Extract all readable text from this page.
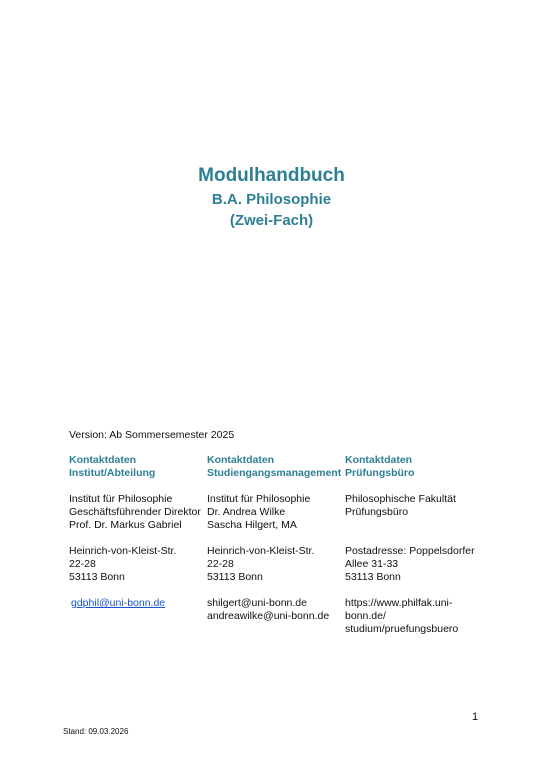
Modulhandbuch
B.A. Philosophie
(Zwei-Fach)
Version: Ab Sommersemester 2025
Kontaktdaten
Institut/Abteilung
Institut für Philosophie
Geschäftsführender Direktor
Prof. Dr. Markus Gabriel
Heinrich-von-Kleist-Str.
22-28
53113 Bonn
gdphil@uni-bonn.de
Kontaktdaten
Studiengangsmanagement
Institut für Philosophie
Dr. Andrea Wilke
Sascha Hilgert, MA
Heinrich-von-Kleist-Str.
22-28
53113 Bonn
shilgert@uni-bonn.de
andreawilke@uni-bonn.de
Kontaktdaten
Prüfungsbüro
Philosophische Fakultät
Prüfungsbüro
Postadresse: Poppelsdorfer
Allee 31-33
53113 Bonn
https://www.philfak.uni-
bonn.de/
studium/pruefungsbuero
1
Stand: 09.03.2026
